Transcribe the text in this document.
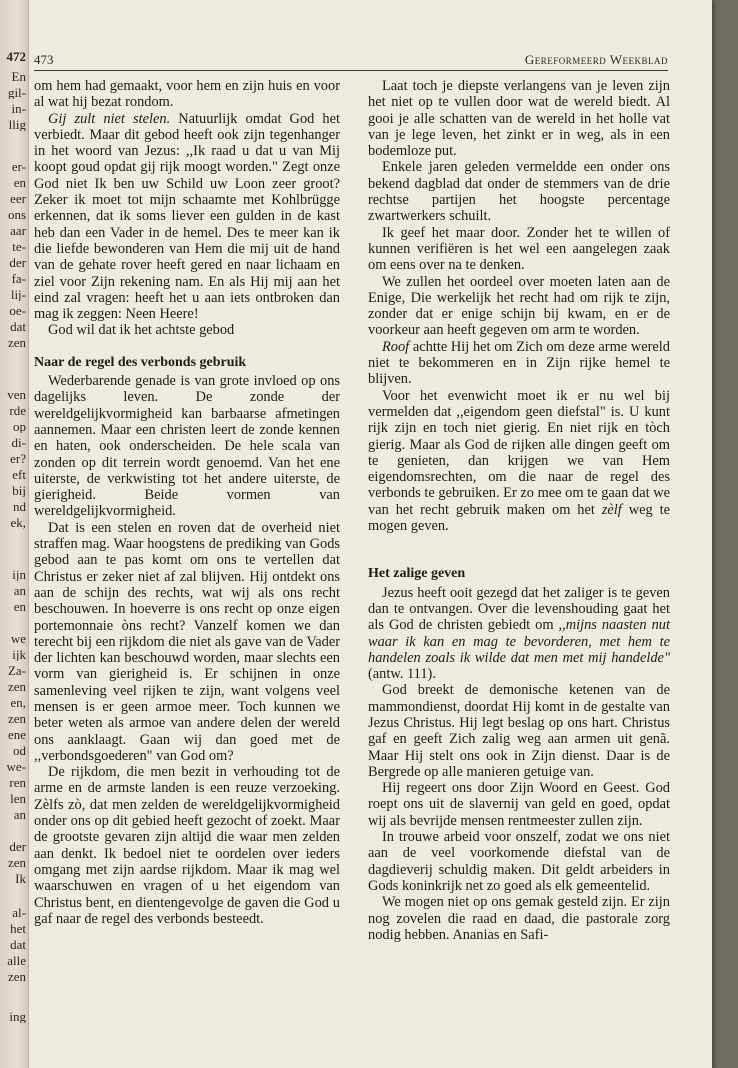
472
En
gil-
in-
llig
er-
en
eer
ons
aar
te-
der
fa-
lij-
oe-
dat
zen
ven
rde
op
di-
er?
eft
bij
nd
ek,
ijn
an
en
we
ijk
Za-
zen
en,
zen
ene
od
we-
ren
len
an
der
zen
Ik
al-
het
dat
alle
zen
ing
473	Gereformeerd Weekblad

om hem had gemaakt, voor hem en zijn huis en voor al wat hij bezat rondom.

Gij zult niet stelen. Natuurlijk omdat God het verbiedt. Maar dit gebod heeft ook zijn tegenhanger in het woord van Jezus: ,,Ik raad u dat u van Mij koopt goud opdat gij rijk moogt worden." Zegt onze God niet Ik ben uw Schild uw Loon zeer groot? Zeker ik moet tot mijn schaamte met Kohlbrügge erkennen, dat ik soms liever een gulden in de kast heb dan een Vader in de hemel. Des te meer kan ik die liefde bewonderen van Hem die mij uit de hand van de gehate rover heeft gered en naar lichaam en ziel voor Zijn rekening nam. En als Hij mij aan het eind zal vragen: heeft het u aan iets ontbroken dan mag ik zeggen: Neen Heere!

God wil dat ik het achtste gebod

Naar de regel des verbonds gebruik

Wederbarende genade is van grote invloed op ons dagelijks leven. De zonde der wereldgelijkvormigheid kan barbaarse afmetingen aannemen. Maar een christen leert de zonde kennen en haten, ook onderscheiden. De hele scala van zonden op dit terrein wordt genoemd. Van het ene uiterste, de verkwisting tot het andere uiterste, de gierigheid. Beide vormen van wereldgelijkvormigheid.

Dat is een stelen en roven dat de overheid niet straffen mag. Waar hoogstens de prediking van Gods gebod aan te pas komt om ons te vertellen dat Christus er zeker niet af zal blijven. Hij ontdekt ons aan de schijn des rechts, wat wij als ons recht beschouwen. In hoeverre is ons recht op onze eigen portemonnaie òns recht? Vanzelf komen we dan terecht bij een rijkdom die niet als gave van de Vader der lichten kan beschouwd worden, maar slechts een vorm van gierigheid is. Er schijnen in onze samenleving veel rijken te zijn, want volgens veel mensen is er geen armoe meer. Toch kunnen we beter weten als armoe van andere delen der wereld ons aanklaagt. Gaan wij dan goed met de ,,verbondsgoederen" van God om?

De rijkdom, die men bezit in verhouding tot de arme en de armste landen is een reuze verzoeking. Zèlfs zò, dat men zelden de wereldgelijkvormigheid onder ons op dit gebied heeft gezocht of zoekt. Maar de grootste gevaren zijn altijd die waar men zelden aan denkt. Ik bedoel niet te oordelen over ieders omgang met zijn aardse rijkdom. Maar ik mag wel waarschuwen en vragen of u het eigendom van Christus bent, en dientengevolge de gaven die God u gaf naar de regel des verbonds besteedt.

Laat toch je diepste verlangens van je leven zijn het niet op te vullen door wat de wereld biedt. Al gooi je alle schatten van de wereld in het holle vat van je lege leven, het zinkt er in weg, als in een bodemloze put.

Enkele jaren geleden vermeldde een onder ons bekend dagblad dat onder de stemmers van de drie rechtse partijen het hoogste percentage zwartwerkers schuilt.

Ik geef het maar door. Zonder het te willen of kunnen verifiëren is het wel een aangelegen zaak om eens over na te denken.

We zullen het oordeel over moeten laten aan de Enige, Die werkelijk het recht had om rijk te zijn, zonder dat er enige schijn bij kwam, en er de voorkeur aan heeft gegeven om arm te worden.

Roof achtte Hij het om Zich om deze arme wereld niet te bekommeren en in Zijn rijke hemel te blijven.

Voor het evenwicht moet ik er nu wel bij vermelden dat ,,eigendom geen diefstal" is. U kunt rijk zijn en toch niet gierig. En niet rijk en tòch gierig. Maar als God de rijken alle dingen geeft om te genieten, dan krijgen we van Hem eigendomsrechten, om die naar de regel des verbonds te gebruiken. Er zo mee om te gaan dat we van het recht gebruik maken om het zèlf weg te mogen geven.

Het zalige geven

Jezus heeft ooit gezegd dat het zaliger is te geven dan te ontvangen. Over die levenshouding gaat het als God de christen gebiedt om ,,mijns naasten nut waar ik kan en mag te bevorderen, met hem te handelen zoals ik wilde dat men met mij handelde" (antw. 111).

God breekt de demonische ketenen van de mammondienst, doordat Hij komt in de gestalte van Jezus Christus. Hij legt beslag op ons hart. Christus gaf en geeft Zich zalig weg aan armen uit genã. Maar Hij stelt ons ook in Zijn dienst. Daar is de Bergrede op alle manieren getuige van.

Hij regeert ons door Zijn Woord en Geest. God roept ons uit de slavernij van geld en goed, opdat wij als bevrijde mensen rentmeester zullen zijn.

In trouwe arbeid voor onszelf, zodat we ons niet aan de veel voorkomende diefstal van de dagdieverij schuldig maken. Dit geldt arbeiders in Gods koninkrijk net zo goed als elk gemeentelid.

We mogen niet op ons gemak gesteld zijn. Er zijn nog zovelen die raad en daad, die pastorale zorg nodig hebben. Ananias en Safi-
